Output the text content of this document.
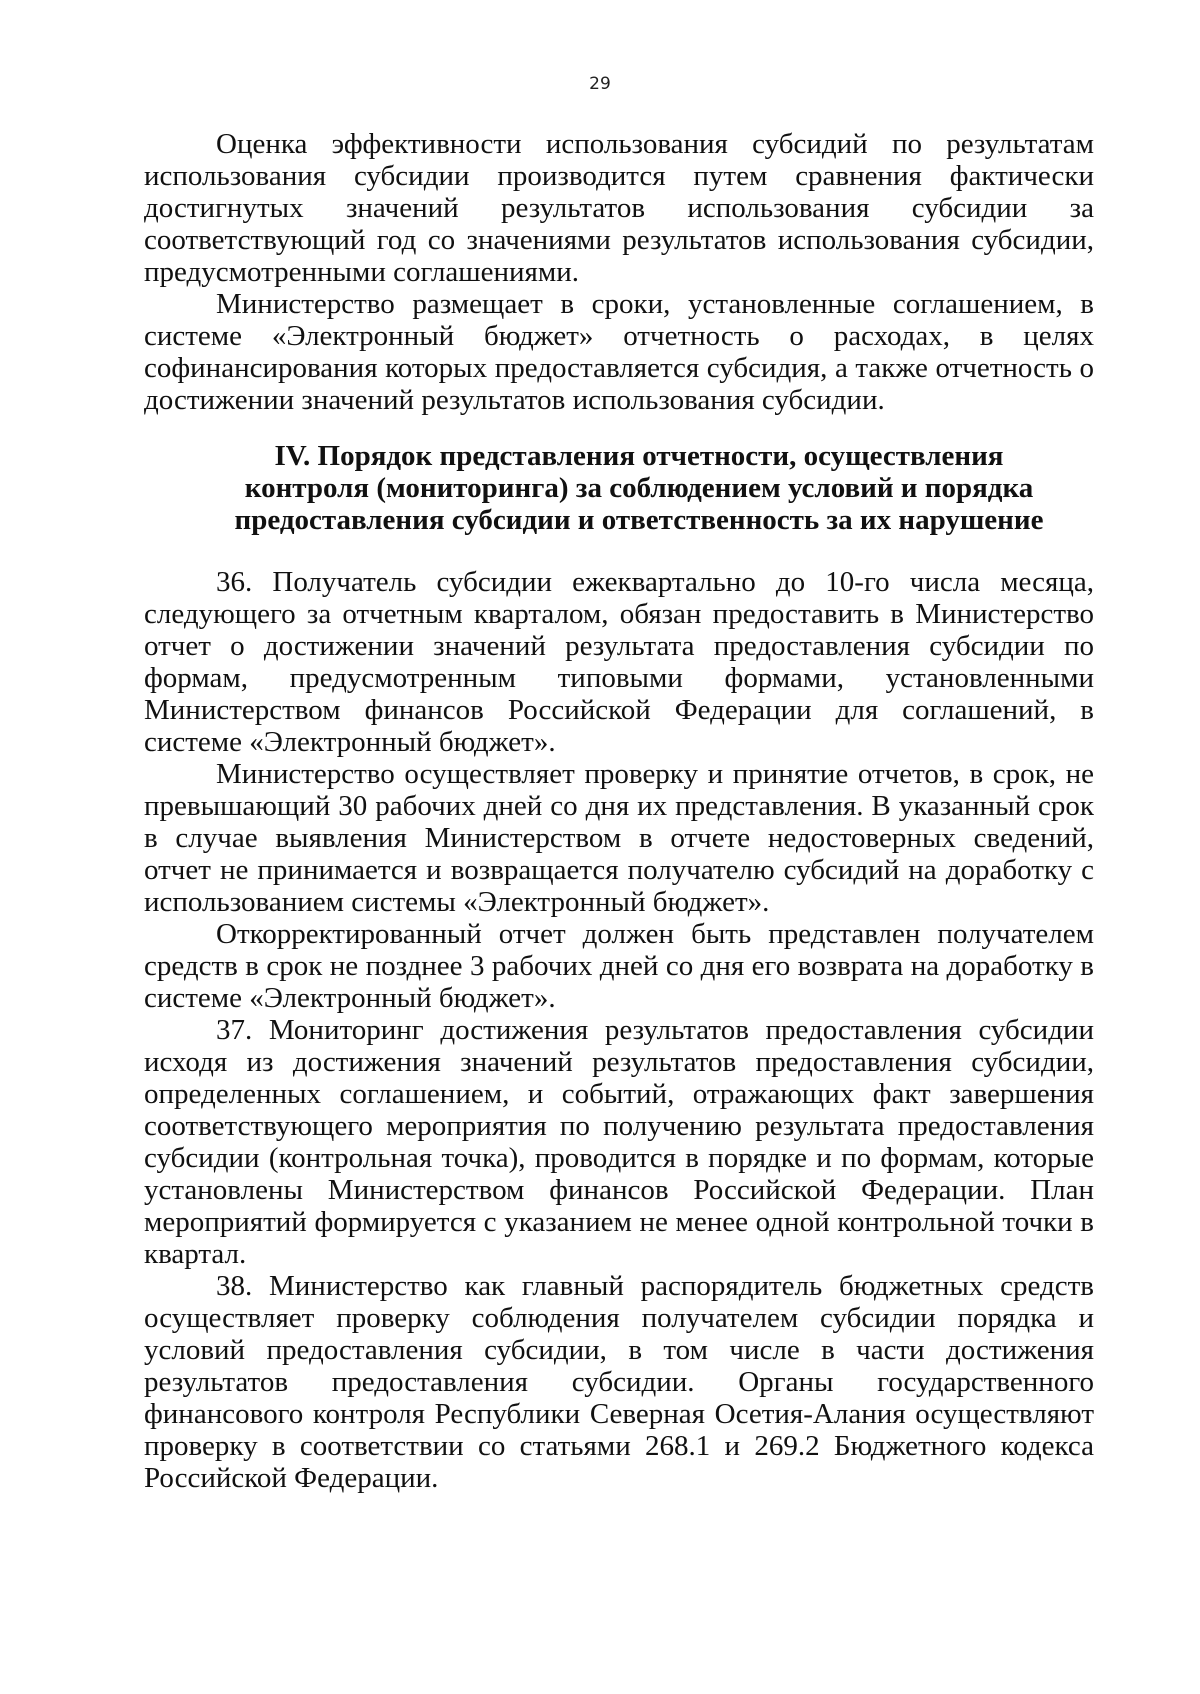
29

Оценка эффективности использования субсидий по результатам использования субсидии производится путем сравнения фактически достигнутых значений результатов использования субсидии за соответствующий год со значениями результатов использования субсидии, предусмотренными соглашениями.

Министерство размещает в сроки, установленные соглашением, в системе «Электронный бюджет» отчетность о расходах, в целях софинансирования которых предоставляется субсидия, а также отчетность о достижении значений результатов использования субсидии.

IV. Порядок представления отчетности, осуществления
контроля (мониторинга) за соблюдением условий и порядка
предоставления субсидии и ответственность за их нарушение

36. Получатель субсидии ежеквартально до 10-го числа месяца, следующего за отчетным кварталом, обязан предоставить в Министерство отчет о достижении значений результата предоставления субсидии по формам, предусмотренным типовыми формами, установленными Министерством финансов Российской Федерации для соглашений, в системе «Электронный бюджет».

Министерство осуществляет проверку и принятие отчетов, в срок, не превышающий 30 рабочих дней со дня их представления. В указанный срок в случае выявления Министерством в отчете недостоверных сведений, отчет не принимается и возвращается получателю субсидий на доработку с использованием системы «Электронный бюджет».

Откорректированный отчет должен быть представлен получателем средств в срок не позднее 3 рабочих дней со дня его возврата на доработку в системе «Электронный бюджет».

37. Мониторинг достижения результатов предоставления субсидии исходя из достижения значений результатов предоставления субсидии, определенных соглашением, и событий, отражающих факт завершения соответствующего мероприятия по получению результата предоставления субсидии (контрольная точка), проводится в порядке и по формам, которые установлены Министерством финансов Российской Федерации. План мероприятий формируется с указанием не менее одной контрольной точки в квартал.

38. Министерство как главный распорядитель бюджетных средств осуществляет проверку соблюдения получателем субсидии порядка и условий предоставления субсидии, в том числе в части достижения результатов предоставления субсидии. Органы государственного финансового контроля Республики Северная Осетия-Алания осуществляют проверку в соответствии со статьями 268.1 и 269.2 Бюджетного кодекса Российской Федерации.
